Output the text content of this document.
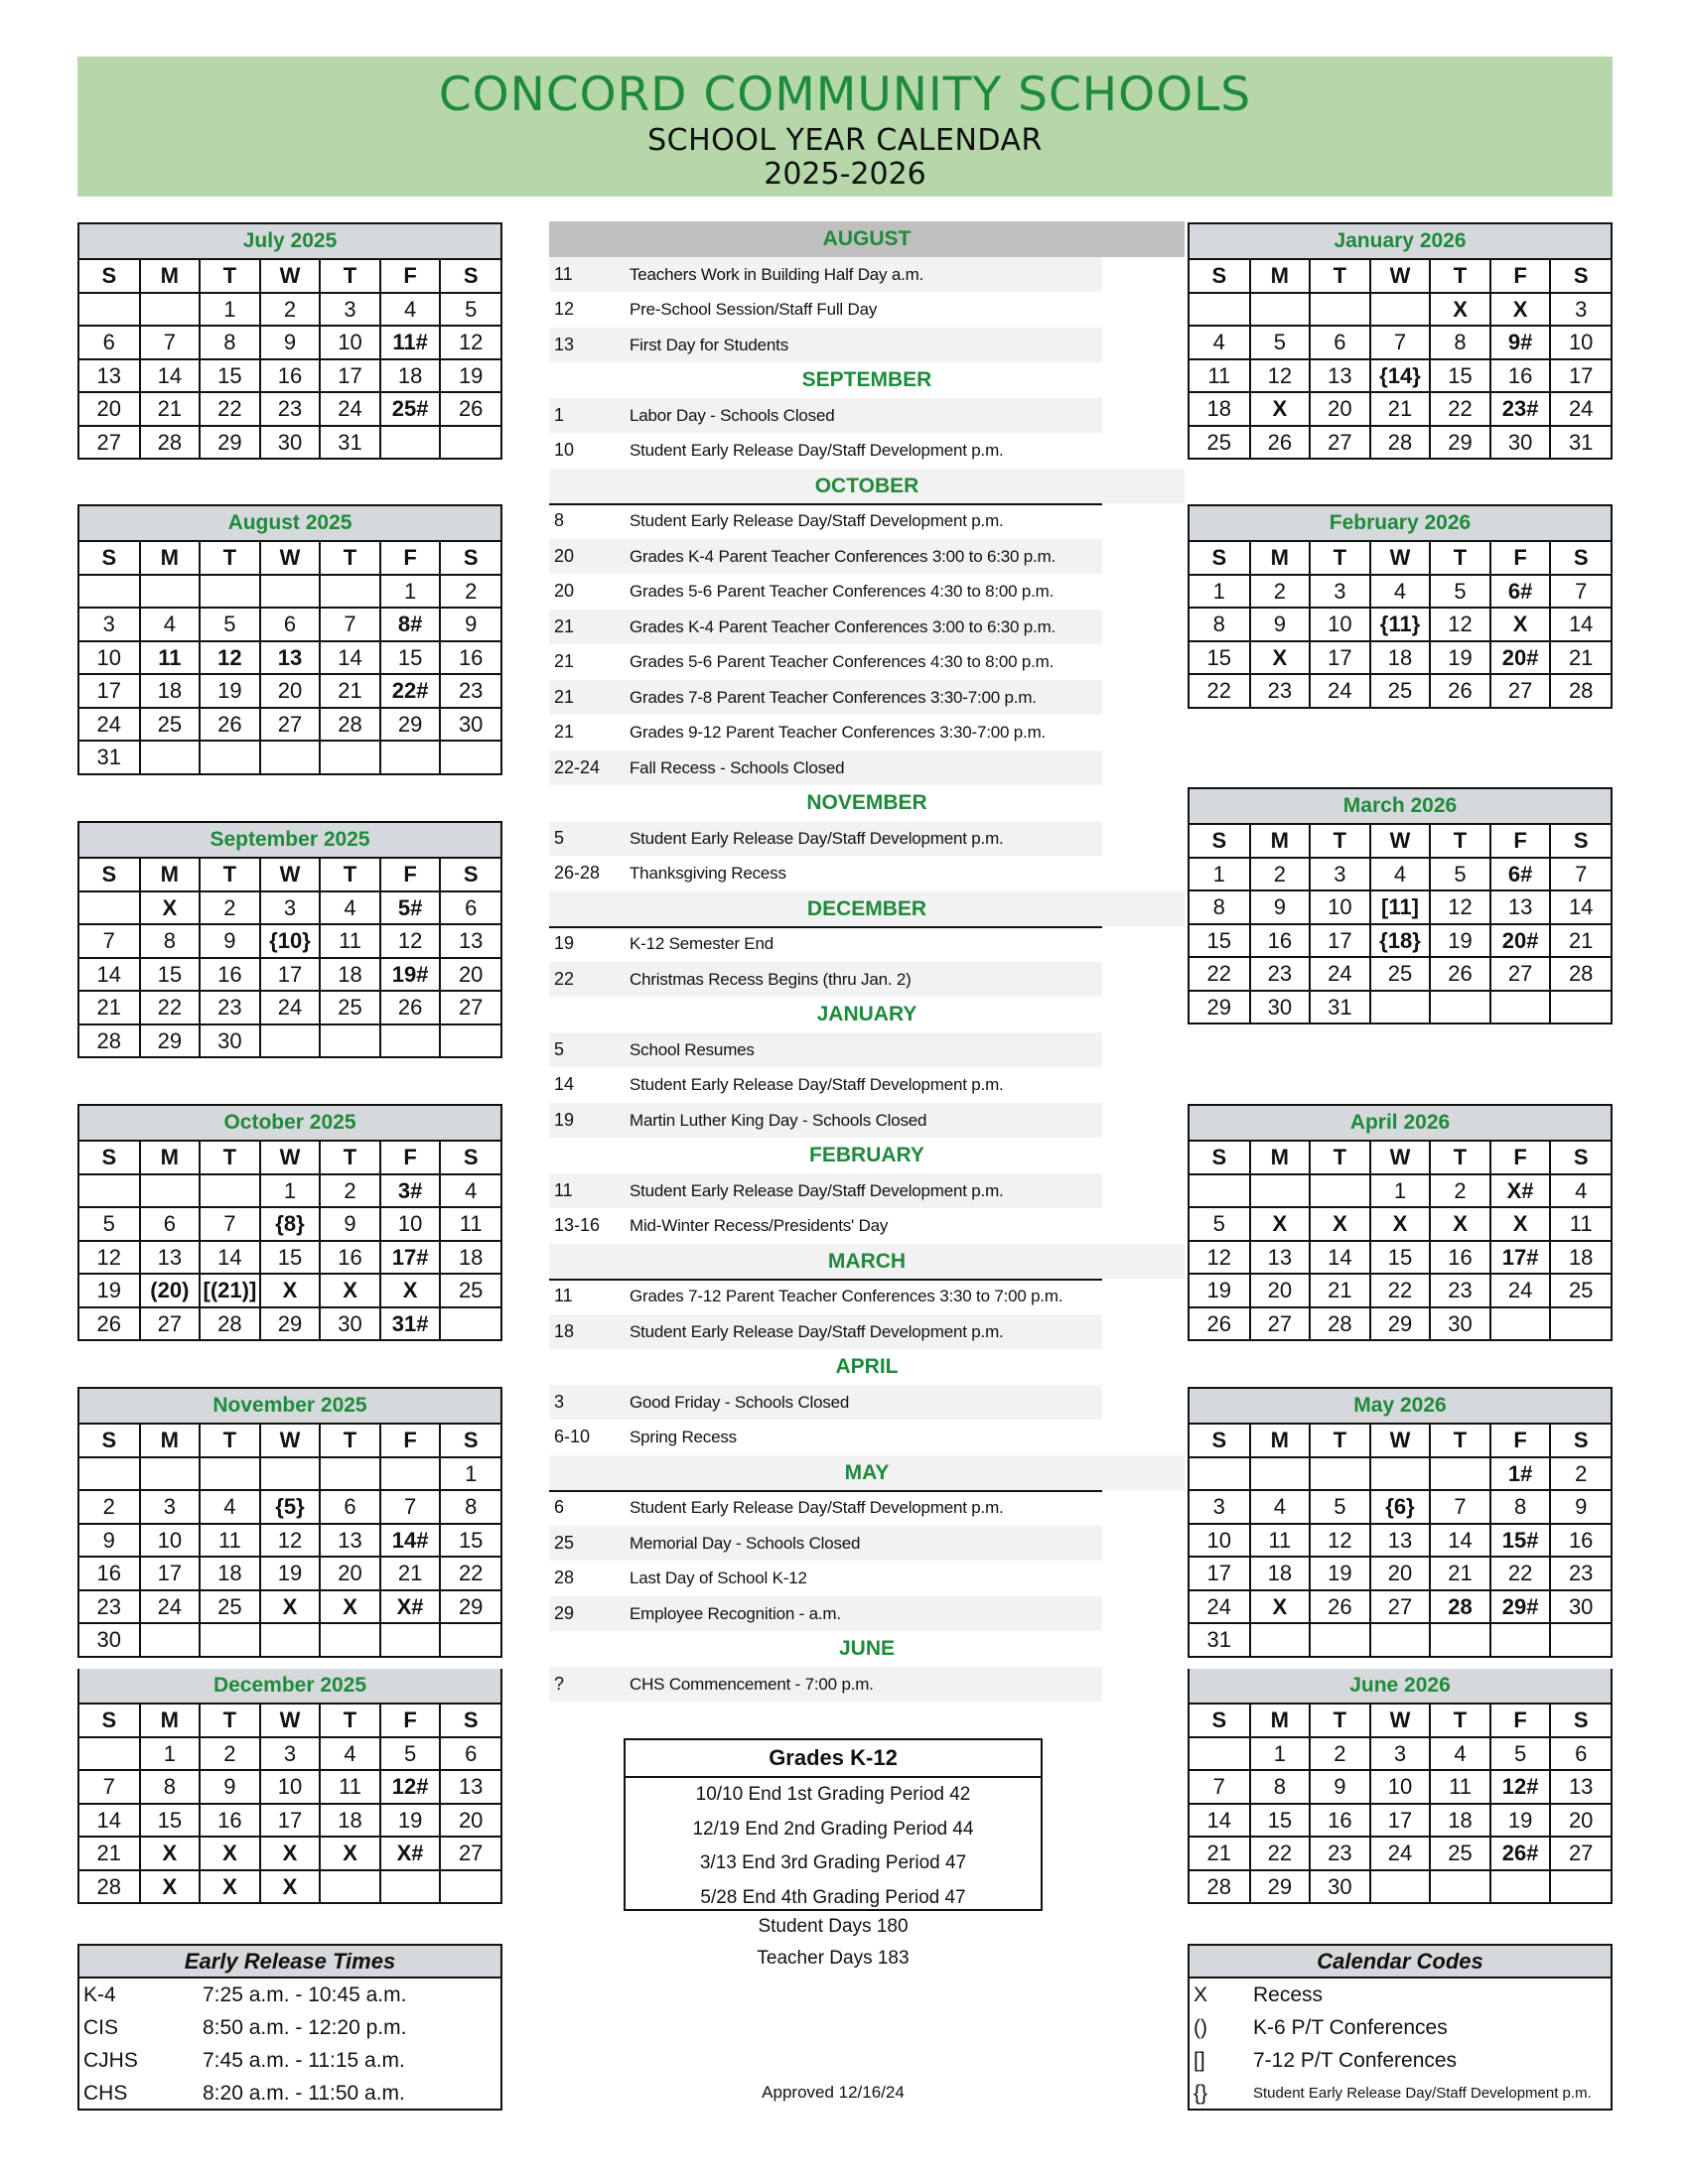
CONCORD COMMUNITY SCHOOLS
SCHOOL YEAR CALENDAR
2025-2026
July 2025
S	M	T	W	T	F	S
		1	2	3	4	5
6	7	8	9	10	11#	12
13	14	15	16	17	18	19
20	21	22	23	24	25#	26
27	28	29	30	31		
August 2025
S	M	T	W	T	F	S
					1	2
3	4	5	6	7	8#	9
10	11	12	13	14	15	16
17	18	19	20	21	22#	23
24	25	26	27	28	29	30
31						
September 2025
S	M	T	W	T	F	S
	X	2	3	4	5#	6
7	8	9	{10}	11	12	13
14	15	16	17	18	19#	20
21	22	23	24	25	26	27
28	29	30				
October 2025
S	M	T	W	T	F	S
			1	2	3#	4
5	6	7	{8}	9	10	11
12	13	14	15	16	17#	18
19	(20)	[(21)]	X	X	X	25
26	27	28	29	30	31#	
November 2025
S	M	T	W	T	F	S
						1
2	3	4	{5}	6	7	8
9	10	11	12	13	14#	15
16	17	18	19	20	21	22
23	24	25	X	X	X#	29
30						
December 2025
S	M	T	W	T	F	S
	1	2	3	4	5	6
7	8	9	10	11	12#	13
14	15	16	17	18	19	20
21	X	X	X	X	X#	27
28	X	X	X			
January 2026
S	M	T	W	T	F	S
				X	X	3
4	5	6	7	8	9#	10
11	12	13	{14}	15	16	17
18	X	20	21	22	23#	24
25	26	27	28	29	30	31
February 2026
S	M	T	W	T	F	S
1	2	3	4	5	6#	7
8	9	10	{11}	12	X	14
15	X	17	18	19	20#	21
22	23	24	25	26	27	28
March 2026
S	M	T	W	T	F	S
1	2	3	4	5	6#	7
8	9	10	[11]	12	13	14
15	16	17	{18}	19	20#	21
22	23	24	25	26	27	28
29	30	31				
April 2026
S	M	T	W	T	F	S
			1	2	X#	4
5	X	X	X	X	X	11
12	13	14	15	16	17#	18
19	20	21	22	23	24	25
26	27	28	29	30		
May 2026
S	M	T	W	T	F	S
					1#	2
3	4	5	{6}	7	8	9
10	11	12	13	14	15#	16
17	18	19	20	21	22	23
24	X	26	27	28	29#	30
31						
June 2026
S	M	T	W	T	F	S
	1	2	3	4	5	6
7	8	9	10	11	12#	13
14	15	16	17	18	19	20
21	22	23	24	25	26#	27
28	29	30				
AUGUST
11	Teachers Work in Building Half Day a.m.
12	Pre-School Session/Staff Full Day
13	First Day for Students
SEPTEMBER
1	Labor Day - Schools Closed
10	Student Early Release Day/Staff Development p.m.
OCTOBER
8	Student Early Release Day/Staff Development p.m.
20	Grades K-4 Parent Teacher Conferences 3:00 to 6:30 p.m.
20	Grades 5-6 Parent Teacher Conferences 4:30 to 8:00 p.m.
21	Grades K-4 Parent Teacher Conferences 3:00 to 6:30 p.m.
21	Grades 5-6 Parent Teacher Conferences 4:30 to 8:00 p.m.
21	Grades 7-8 Parent Teacher Conferences 3:30-7:00 p.m.
21	Grades 9-12 Parent Teacher Conferences 3:30-7:00 p.m.
22-24	Fall Recess - Schools Closed
NOVEMBER
5	Student Early Release Day/Staff Development p.m.
26-28	Thanksgiving Recess
DECEMBER
19	K-12 Semester End
22	Christmas Recess Begins (thru Jan. 2)
JANUARY
5	School Resumes
14	Student Early Release Day/Staff Development p.m.
19	Martin Luther King Day - Schools Closed
FEBRUARY
11	Student Early Release Day/Staff Development p.m.
13-16	Mid-Winter Recess/Presidents' Day
MARCH
11	Grades 7-12 Parent Teacher Conferences 3:30 to 7:00 p.m.
18	Student Early Release Day/Staff Development p.m.
APRIL
3	Good Friday - Schools Closed
6-10	Spring Recess
MAY
6	Student Early Release Day/Staff Development p.m.
25	Memorial Day - Schools Closed
28	Last Day of School K-12
29	Employee Recognition - a.m.
JUNE
?	CHS Commencement - 7:00 p.m.
Grades K-12
10/10 End 1st Grading Period 42
12/19 End 2nd Grading Period 44
3/13 End 3rd Grading Period 47
5/28 End 4th Grading Period 47
Student Days 180
Teacher Days 183
Approved 12/16/24
Early Release Times
K-4	7:25 a.m. - 10:45 a.m.
CIS	8:50 a.m. - 12:20 p.m.
CJHS	7:45 a.m. - 11:15 a.m.
CHS	8:20 a.m. - 11:50 a.m.
Calendar Codes
X Recess
() K-6 P/T Conferences
[] 7-12 P/T Conferences
{}	Student Early Release Day/Staff Development p.m.
